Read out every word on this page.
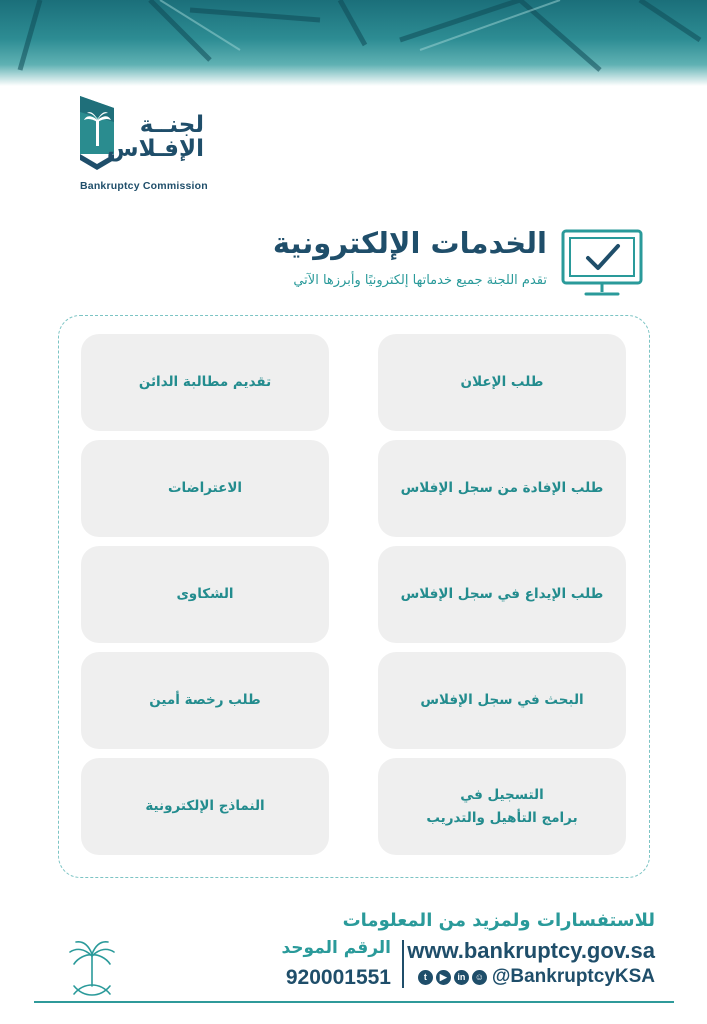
لجنــة
الإفـلاس
Bankruptcy Commission
الخدمات الإلكترونية
تقدم اللجنة جميع خدماتها إلكترونيًا وأبرزها الآتي
طلب الإعلان
طلب الإفادة من سجل الإفلاس
طلب الإيداع في سجل الإفلاس
البحث في سجل الإفلاس
التسجيل في
برامج التأهيل والتدريب
تقديم مطالبة الدائن
الاعتراضات
الشكاوى
طلب رخصة أمين
النماذج الإلكترونية
للاستفسارات ولمزيد من المعلومات
www.bankruptcy.gov.sa
t	▶	in	☺ @BankruptcyKSA
الرقم الموحد
920001551
